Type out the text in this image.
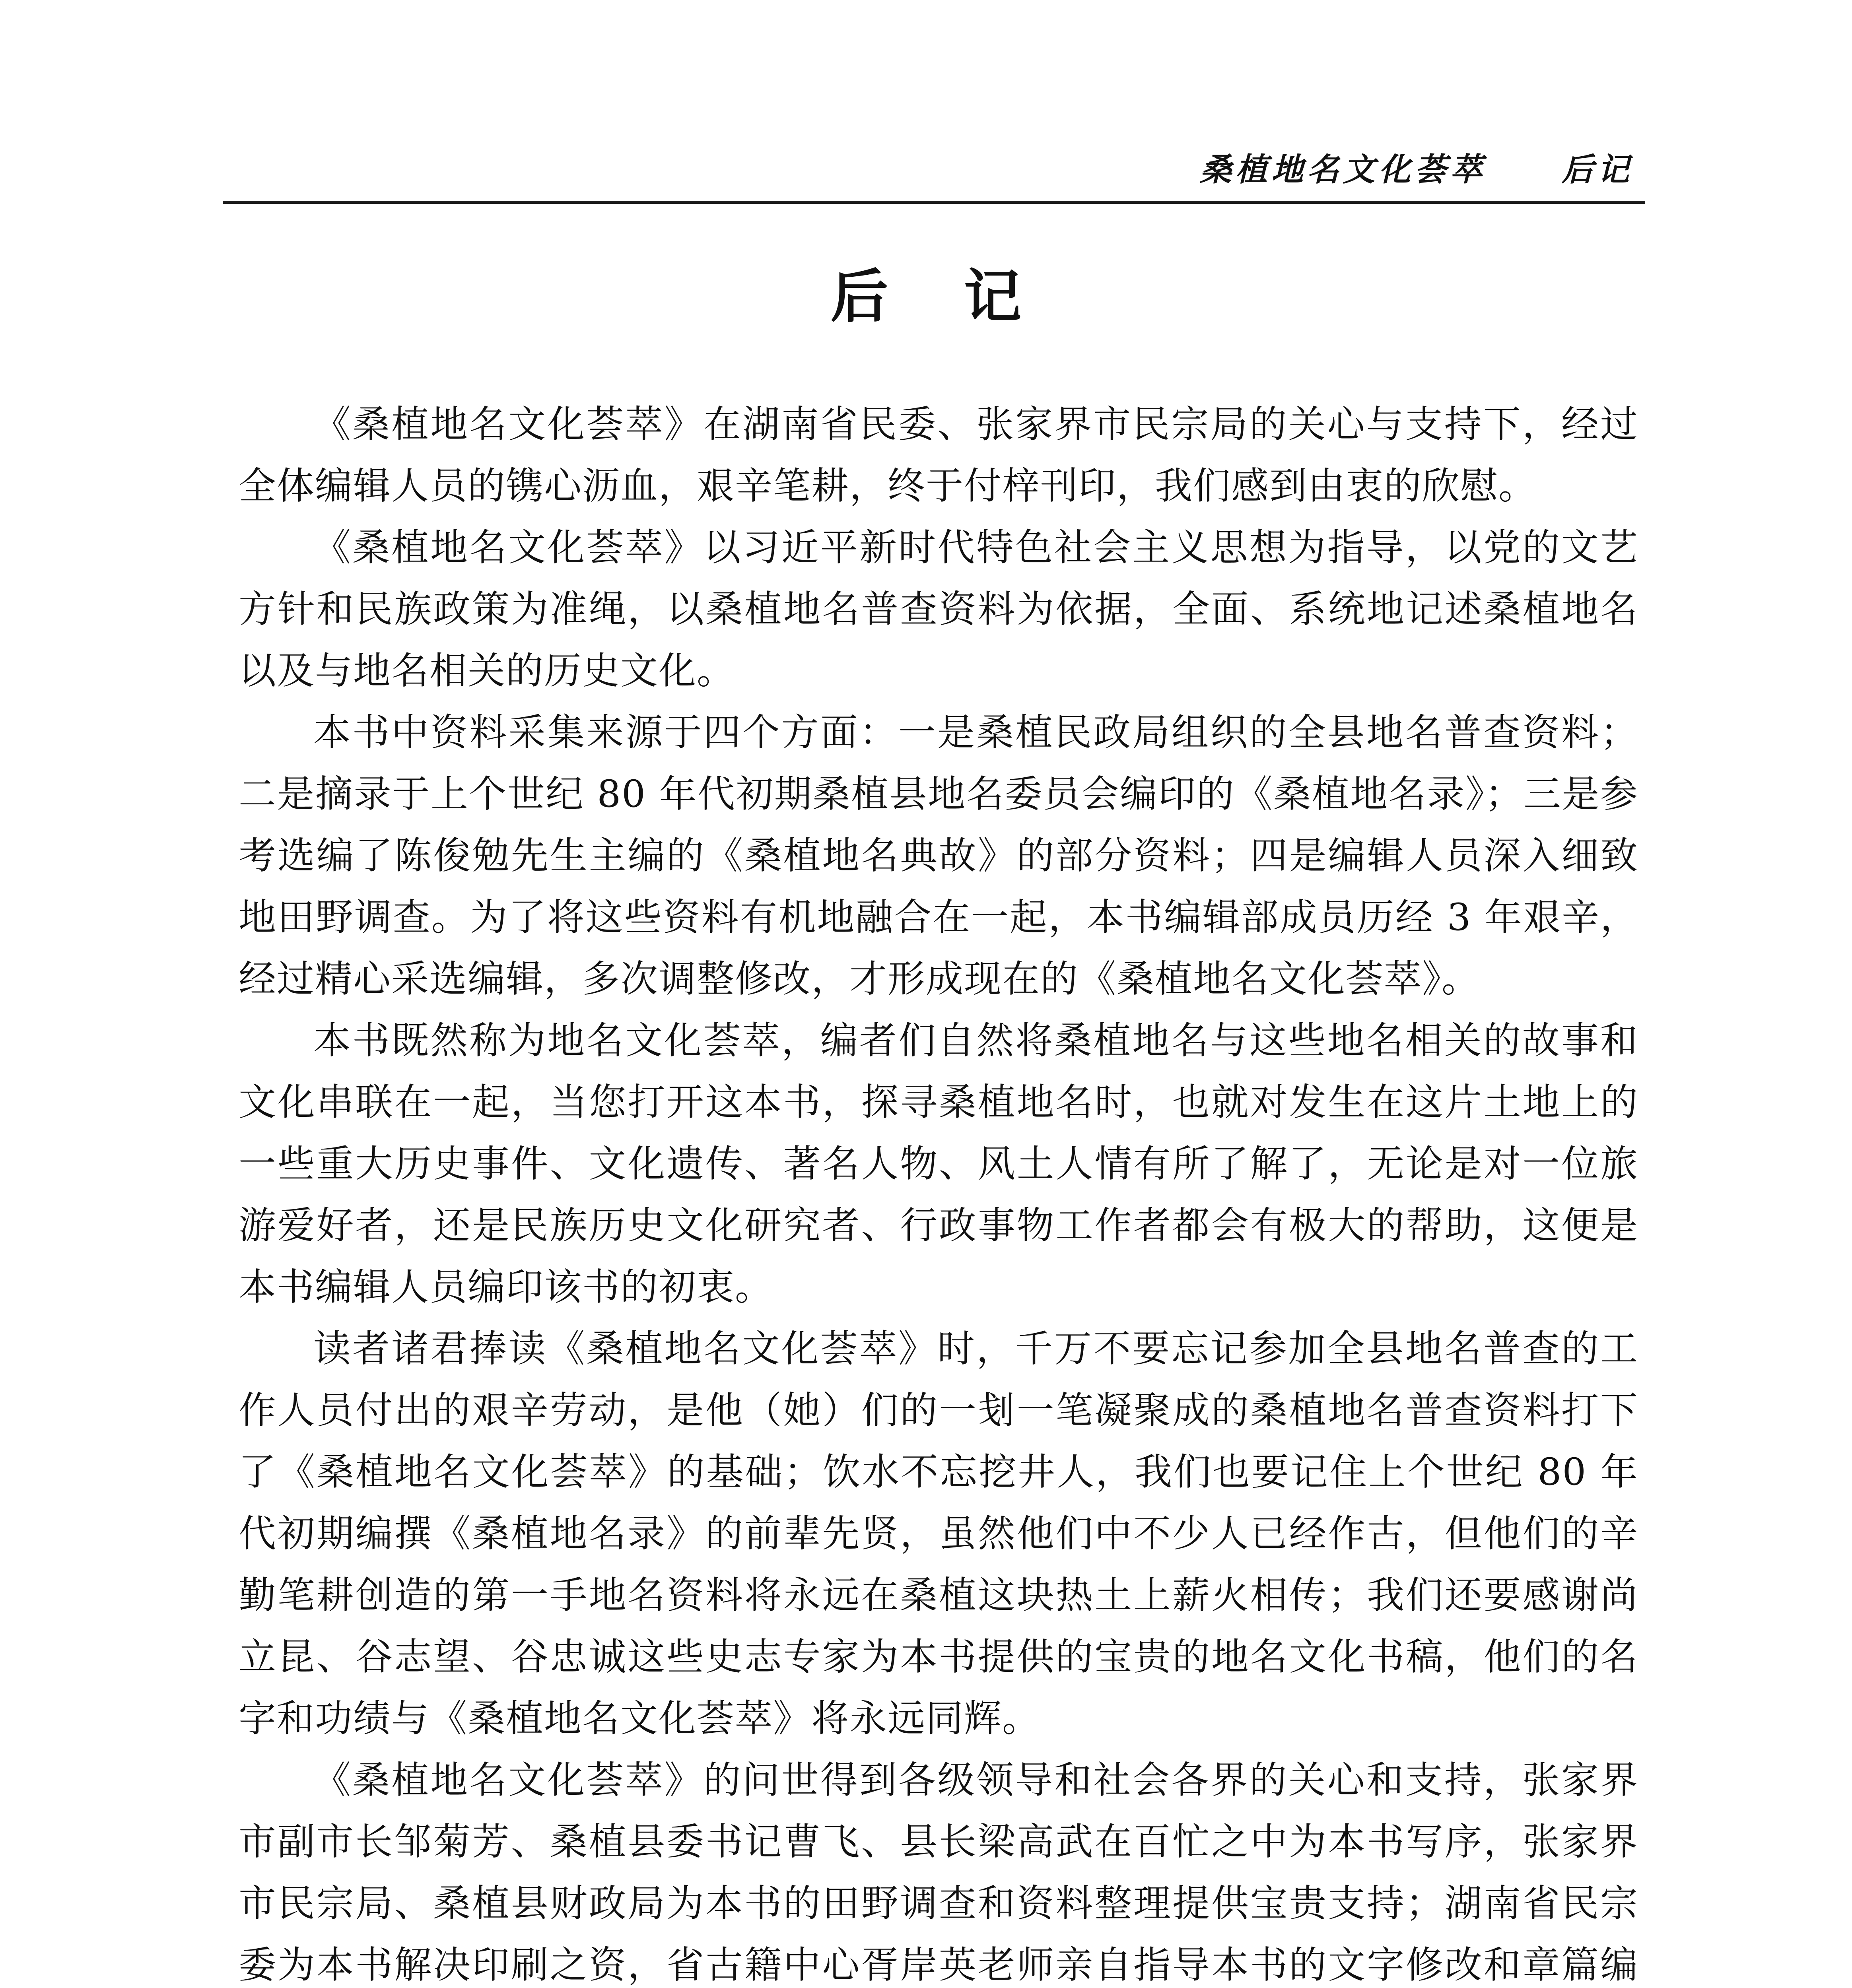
桑植地名文化荟萃 后记
后记

《桑植地名文化荟萃》在湖南省民委、张家界市民宗局的关心与支持下，经过全体编辑人员的镌心沥血，艰辛笔耕，终于付梓刊印，我们感到由衷的欣慰。

《桑植地名文化荟萃》以习近平新时代特色社会主义思想为指导，以党的文艺方针和民族政策为准绳，以桑植地名普查资料为依据，全面、系统地记述桑植地名以及与地名相关的历史文化。

本书中资料采集来源于四个方面：一是桑植民政局组织的全县地名普查资料；二是摘录于上个世纪 80 年代初期桑植县地名委员会编印的《桑植地名录》；三是参考选编了陈俊勉先生主编的《桑植地名典故》的部分资料；四是编辑人员深入细致地田野调查。为了将这些资料有机地融合在一起，本书编辑部成员历经 3 年艰辛，经过精心采选编辑，多次调整修改，才形成现在的《桑植地名文化荟萃》。

本书既然称为地名文化荟萃，编者们自然将桑植地名与这些地名相关的故事和文化串联在一起，当您打开这本书，探寻桑植地名时，也就对发生在这片土地上的一些重大历史事件、文化遗传、著名人物、风土人情有所了解了，无论是对一位旅游爱好者，还是民族历史文化研究者、行政事物工作者都会有极大的帮助，这便是本书编辑人员编印该书的初衷。

读者诸君捧读《桑植地名文化荟萃》时，千万不要忘记参加全县地名普查的工作人员付出的艰辛劳动，是他（她）们的一刬一笔凝聚成的桑植地名普查资料打下了《桑植地名文化荟萃》的基础；饮水不忘挖井人，我们也要记住上个世纪 80 年代初期编撰《桑植地名录》的前辈先贤，虽然他们中不少人已经作古，但他们的辛勤笔耕创造的第一手地名资料将永远在桑植这块热土上薪火相传；我们还要感谢尚立昆、谷志望、谷忠诚这些史志专家为本书提供的宝贵的地名文化书稿，他们的名字和功绩与《桑植地名文化荟萃》将永远同辉。

《桑植地名文化荟萃》的问世得到各级领导和社会各界的关心和支持，张家界市副市长邹菊芳、桑植县委书记曹飞、县长梁高武在百忙之中为本书写序，张家界市民宗局、桑植县财政局为本书的田野调查和资料整理提供宝贵支持；湖南省民宗委为本书解决印刷之资，省古籍中心胥岸英老师亲自指导本书的文字修改和章篇编
